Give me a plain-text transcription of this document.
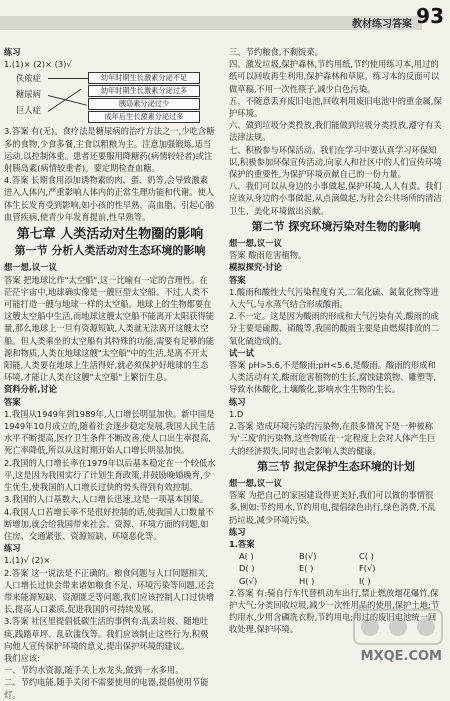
教材练习答案 93

练习

1.(1)× (2)× (3)√

佚侬症
糖尿病
巨人症
幼年时期生长激素分泌不足
幼年时期生长激素分泌过多
胰岛素分泌过少
成年后生长激素分泌过多

3.答案 有(无)。食疗法是糖尿病的治疗方法之一,少吃含糖多的食物,少食多餐,主食以粗粮为主。注意加强锻炼,适当运动,以控制体重。患者还要服用降糖药(病情较轻者)或注射胰岛素(病情较重者)。要定期检查血糖。

4.答案 长期食用添加诱物素的肉、蛋、奶等,会导致激素进入人体内,严重影响人体内的正常生理功能和代谢。使人体生长发育受到影响,如小孩的性早熟、高血脂、引起心脑血管疾病,使青少年发育提前,性早熟等。

第七章 人类活动对生物圈的影响
第一节 分析人类活动对生态环境的影响

想一想,议一议

答案 把地球比作"太空船",这一比喻有一定的合理性。在茫茫宇宙中,地球确实像是一艘巨型太空船。不过,人类不可能打造一艘与地球一样的太空船。地球上的生物都要在这艘太空船中生活,而地球这艘太空船不能离开太阳获得能量,那么地球上一旦有资源短缺,人类就无法离开这艘太空船。但人类乘坐的太空船有其特殊的功能,需要有足够的能源和物质,人类在地球这艘"太空船"中的生活,是离不开太阳能,人类要在地球上生活得好,就必须保护好地球的生态环境,才能让人类在这艘"太空船"上繁衍生息。

资料分析,讨论

答案

1.我国从1949年到1989年,人口增长明显加快。新中国是1949年10月成立的,随着社会逐步稳定发展,我国人民生活水平不断提高,医疗卫生条件不断改善,使人口出生率提高,死亡率降低,所以从这时期开始人口增长明显加快。

2.我国的人口增长率在1979年以后基本稳定在一个较低水平,这是因为我国实行了计划生育政策,并鼓励晚婚晚育,少生优生,使我国的人口增长过快的势头得到有效控制。

3.我国的人口基数大,人口增长迅速,这是一项基本国策。

4.我国人口若增长率不是很好控制的话,使我国人口数量不断增加,就会给我国带来社会、资源、环境方面的问题,如住房、交通紧张、资源短缺、环境恶化等。

练习

1.(1)√ (2)×

2.答案 这一说法是不正确的。粮食问题与人口问题相关,人口增长过快会带来诸如粮食不足、环境污染等问题,还会带来能源短缺、资源匮乏等问题,我们应该控制人口过快增长,提高人口素质,促进我国的可持续发展。

3.答案 社区里提倡低碳生活的事例有:乱丢垃圾、随地吐痰,践踏草坪、乱砍滥伐等。我们应该制止这些行为,积极向他人宣传保护环境的意义,提出保护环境的建议。

我们应该:

一、节约水资源,随手关上水龙头,做到一水多用。

二、节约电能,随手关闭不需要使用的电器,提倡使用节能灯。

三、节约粮食,不剩饭菜。

四、激发垃圾,保护森林,节约用纸,节约使用练习本,用过的纸可以回收再生利用,保护森林和草原。练习本的反面可以做草稿,不用一次性筷子,减少白色污染。

五、不随意丢弃废旧电池,回收利用废旧电池中的重金属,保护环境。

六、做到垃圾分类投放,我们能做到垃圾分类投放,遵守有关法律法规。

七、积极参与环保活动。我们在学习中要认真学习环保知识,积极参加环保宣传活动,向家人和社区中的人们宣传环境保护的重要性,为保护环境贡献自己的一份力量。

八、我们可以从身边的小事做起,保护环境,人人有责。我们应该从身边的小事做起,从点滴做起,为社会公共场所的清洁卫生、美化环境做出贡献。

第二节 探究环境污染对生物的影响

想一想,议一议

答案 酸雨危害植物。

模拟探究·讨论

答案

1.酸雨和酸性大气污染程度有关,二氧化硫、氮氧化物等进入大气,与水蒸气结合形成酸雨。

2.不一定。这是因为酸雨的形成和大气污染有关,酸雨的成分主要是硫酸、硝酸等,我国的酸雨主要是由燃煤排放的二氧化硫造成的。

试一试

答案 pH>5.6,不是酸雨;pH<5.6,是酸雨。酸雨的形成和人类活动有关,酸雨危害植物的生长,腐蚀建筑物、雕塑等,导致水体酸化,土壤酸化,影响水生生物的生长。

练习

1.D

2.答案 造成环境污染的污染物,在很多情况下是一种被称为'三废'的污染物,这些物质在一定程度上会对人体产生巨大的经济损失,同时也会影响人类的健康。

第三节 拟定保护生态环境的计划

想一想,议一议

答案 为把自己的家园建设得更美好,我们可以做的事情很多,例如:节约用水,节约用电,提倡绿色出行,绿色消费,不乱扔垃圾,减少环境污染。

练习

1.答案

A( )	B(√)	C( )
D( )	E( )	F(√)
G(√)	H( )	I( )

2.答案 有:骑自行车代替机动车出行,禁止燃放烟花爆竹,保护大气;分类回收垃圾,减少一次性用品的使用,保护土地;节约用水,少用含磷洗衣粉,节约用电;用过的废旧电池统一回收处理,保护环境。

MXQE.COM
